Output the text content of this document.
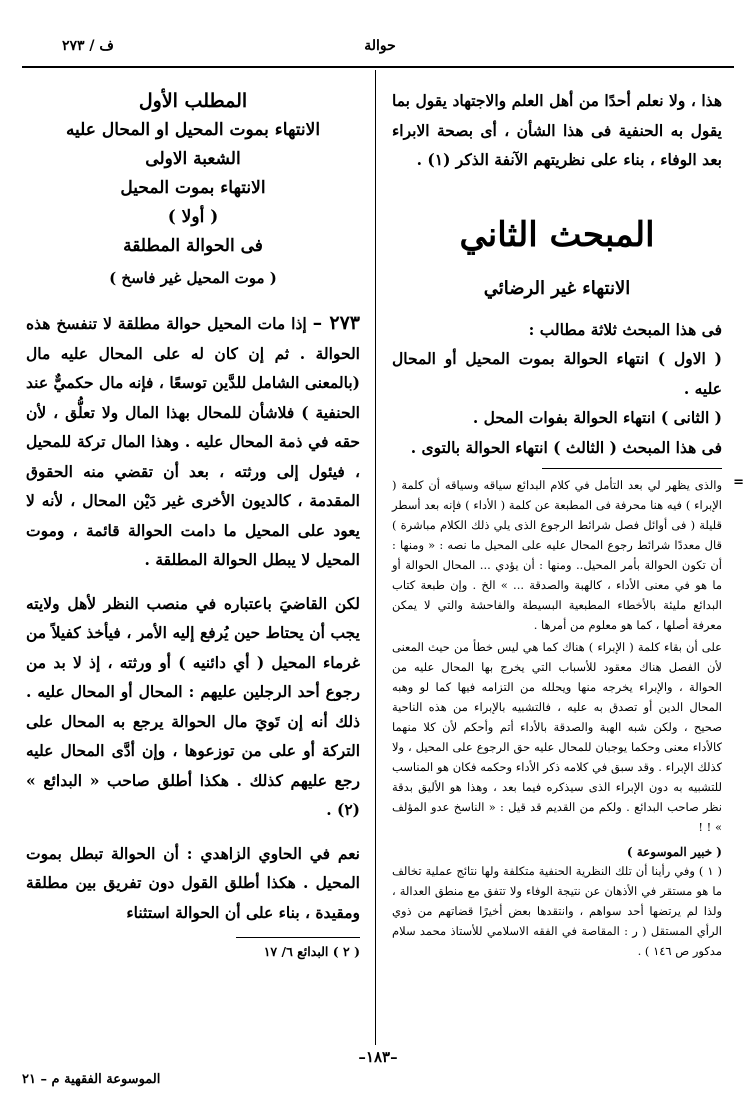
ف / ٢٧٣	حوالة

هذا ، ولا نعلم أحدًا من أهل العلم والاجتهاد يقول بما يقول به الحنفية فى هذا الشأن ، أى بصحة الابراء بعد الوفاء ، بناء على نظريتهم الآنفة الذكر (١) .

المبحث الثاني
الانتهاء غير الرضائي

فى هذا المبحث ثلاثة مطالب :

( الاول ) انتهاء الحوالة بموت المحيل أو المحال عليه .

( الثانى ) انتهاء الحوالة بفوات المحل .

فى هذا المبحث ( الثالث ) انتهاء الحوالة بالتوى .

=

والذى يظهر لي بعد التأمل في كلام البدائع سياقه وسياقه أن كلمة ( الإبراء ) فيه هنا محرفة فى المطبعة عن كلمة ( الأداء ) فإنه بعد أسطر قليلة ( فى أوائل فصل شرائط الرجوع الذى يلي ذلك الكلام مباشرة ) قال معددًا شرائط رجوع المحال عليه على المحيل ما نصه : « ومنها : أن تكون الحوالة بأمر المحيل.. ومنها : أن يؤدي ... المحال الحوالة أو ما هو في معنى الأداء ، كالهبة والصدقة ... » الخ . وإن طبعة كتاب البدائع مليئة بالأخطاء المطبعية البسيطة والفاحشة والتي لا يمكن معرفة أصلها ، كما هو معلوم من أمرها .

على أن بقاء كلمة ( الإبراء ) هناك كما هي ليس خطأ من حيث المعنى لأن الفصل هناك معقود للأسباب التي يخرج بها المحال عليه من الحوالة ، والإبراء يخرجه منها ويحلله من التزامه فيها كما لو وهبه المحال الدين أو تصدق به عليه ، فالتشبيه بالإبراء من هذه الناحية صحيح ، ولكن شبه الهبة والصدقة بالأداء أتم وأحكم لأن كلا منهما كالأداء معنى وحكما يوجبان للمحال عليه حق الرجوع على المحيل ، ولا كذلك الإبراء . وقد سبق في كلامه ذكر الأداء وحكمه فكان هو المناسب للتشبيه به دون الإبراء الذى سيذكره فيما بعد ، وهذا هو الأليق بدقة نظر صاحب البدائع . ولكم من القديم قد قيل : « الناسخ عدو المؤلف » ! !

( خبير الموسوعة )

( ١ ) وفي رأينا أن تلك النظرية الحنفية متكلفة ولها نتائج عملية تخالف ما هو مستقر في الأذهان عن نتيجة الوفاء ولا تتفق مع منطق العدالة ، ولذا لم يرتضها أحد سواهم ، وانتقدها بعض أخيرًا قضاتهم من ذوي الرأي المستقل ( ر : المقاصة في الفقه الاسلامي للأستاذ محمد سلام مدكور ص ١٤٦ ) .

المطلب الأول

الانتهاء بموت المحيل او المحال عليه

الشعبة الاولى

الانتهاء بموت المحيل

( أولا )

فى الحوالة المطلقة

( موت المحيل غير فاسخ )

٢٧٣ – إذا مات المحيل حوالة مطلقة لا تنفسخ هذه الحوالة . ثم إن كان له على المحال عليه مال (بالمعنى الشامل للدَّين توسعًا ، فإنه مال حكميٌّ عند الحنفية ) فلاشأن للمحال بهذا المال ولا تعلُّق ، لأن حقه في ذمة المحال عليه . وهذا المال تركة للمحيل ، فيئول إلى ورثته ، بعد أن تقضي منه الحقوق المقدمة ، كالديون الأخرى غير دَيْن المحال ، لأنه لا يعود على المحيل ما دامت الحوالة قائمة ، وموت المحيل لا يبطل الحوالة المطلقة .

لكن القاضيَ باعتباره في منصب النظر لأهل ولايته يجب أن يحتاط حين يُرفع إليه الأمر ، فيأخذ كفيلاً من غرماء المحيل ( أي دائنيه ) أو ورثته ، إذ لا بد من رجوع أحد الرجلين عليهم : المحال أو المحال عليه . ذلك أنه إن تَويَ مال الحوالة يرجع به المحال على التركة أو على من توزعوها ، وإن أدَّى المحال عليه رجع عليهم كذلك . هكذا أطلق صاحب « البدائع » (٢) .

نعم في الحاوي الزاهدي : أن الحوالة تبطل بموت المحيل . هكذا أطلق القول دون تفريق بين مطلقة ومقيدة ، بناء على أن الحوالة استثناء

( ٢ ) البدائع ٦/ ١٧

–١٨٣–
الموسوعة الفقهية م – ٢١
